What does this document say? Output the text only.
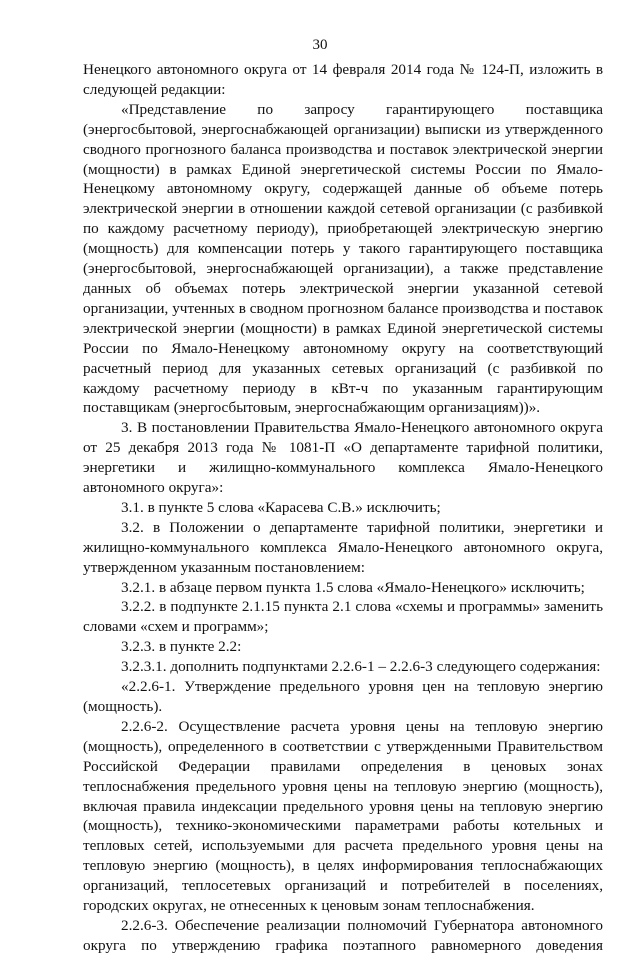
30

Ненецкого автономного округа от 14 февраля 2014 года № 124-П, изложить в следующей редакции:

«Представление по запросу гарантирующего поставщика (энергосбытовой, энергоснабжающей организации) выписки из утвержденного сводного прогнозного баланса производства и поставок электрической энергии (мощности) в рамках Единой энергетической системы России по Ямало-Ненецкому автономному округу, содержащей данные об объеме потерь электрической энергии в отношении каждой сетевой организации (с разбивкой по каждому расчетному периоду), приобретающей электрическую энергию (мощность) для компенсации потерь у такого гарантирующего поставщика (энергосбытовой, энергоснабжающей организации), а также представление данных об объемах потерь электрической энергии указанной сетевой организации, учтенных в сводном прогнозном балансе производства и поставок электрической энергии (мощности) в рамках Единой энергетической системы России по Ямало-Ненецкому автономному округу на соответствующий расчетный период для указанных сетевых организаций (с разбивкой по каждому расчетному периоду в кВт-ч по указанным гарантирующим поставщикам (энергосбытовым, энергоснабжающим организациям))».

3. В постановлении Правительства Ямало-Ненецкого автономного округа от 25 декабря 2013 года № 1081-П «О департаменте тарифной политики, энергетики и жилищно-коммунального комплекса Ямало-Ненецкого автономного округа»:

3.1. в пункте 5 слова «Карасева С.В.» исключить;

3.2. в Положении о департаменте тарифной политики, энергетики и жилищно-коммунального комплекса Ямало-Ненецкого автономного округа, утвержденном указанным постановлением:

3.2.1. в абзаце первом пункта 1.5 слова «Ямало-Ненецкого» исключить;

3.2.2. в подпункте 2.1.15 пункта 2.1 слова «схемы и программы» заменить словами «схем и программ»;

3.2.3. в пункте 2.2:

3.2.3.1. дополнить подпунктами 2.2.6-1 – 2.2.6-3 следующего содержания:

«2.2.6-1. Утверждение предельного уровня цен на тепловую энергию (мощность).

2.2.6-2. Осуществление расчета уровня цены на тепловую энергию (мощность), определенного в соответствии с утвержденными Правительством Российской Федерации правилами определения в ценовых зонах теплоснабжения предельного уровня цены на тепловую энергию (мощность), включая правила индексации предельного уровня цены на тепловую энергию (мощность), технико-экономическими параметрами работы котельных и тепловых сетей, используемыми для расчета предельного уровня цены на тепловую энергию (мощность), в целях информирования теплоснабжающих организаций, теплосетевых организаций и потребителей в поселениях, городских округах, не отнесенных к ценовым зонам теплоснабжения.

2.2.6-3. Обеспечение реализации полномочий Губернатора автономного округа по утверждению графика поэтапного равномерного доведения
